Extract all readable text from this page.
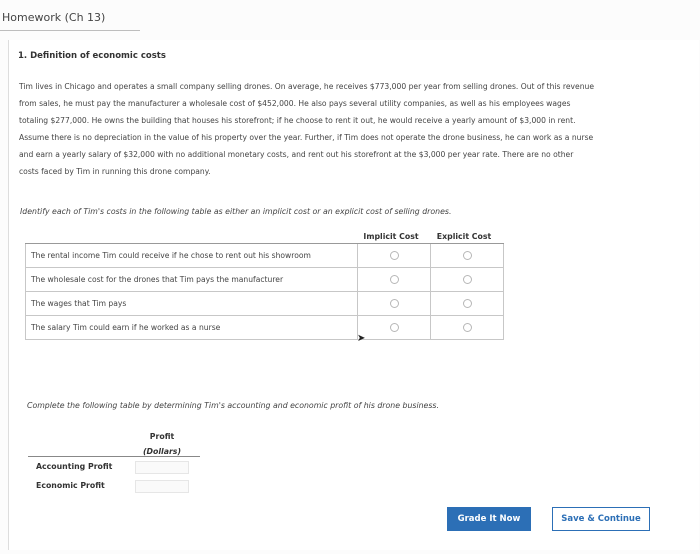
Homework (Ch 13)
1. Definition of economic costs
Tim lives in Chicago and operates a small company selling drones. On average, he receives $773,000 per year from selling drones. Out of this revenue
from sales, he must pay the manufacturer a wholesale cost of $452,000. He also pays several utility companies, as well as his employees wages
totaling $277,000. He owns the building that houses his storefront; if he choose to rent it out, he would receive a yearly amount of $3,000 in rent.
Assume there is no depreciation in the value of his property over the year. Further, if Tim does not operate the drone business, he can work as a nurse
and earn a yearly salary of $32,000 with no additional monetary costs, and rent out his storefront at the $3,000 per year rate. There are no other
costs faced by Tim in running this drone company.
Identify each of Tim's costs in the following table as either an implicit cost or an explicit cost of selling drones.
	Implicit Cost	Explicit Cost
The rental income Tim could receive if he chose to rent out his showroom		
The wholesale cost for the drones that Tim pays the manufacturer		
The wages that Tim pays		
The salary Tim could earn if he worked as a nurse		
➤
Complete the following table by determining Tim's accounting and economic profit of his drone business.
Profit
(Dollars)
Accounting Profit
Economic Profit
Grade It Now	Save & Continue
